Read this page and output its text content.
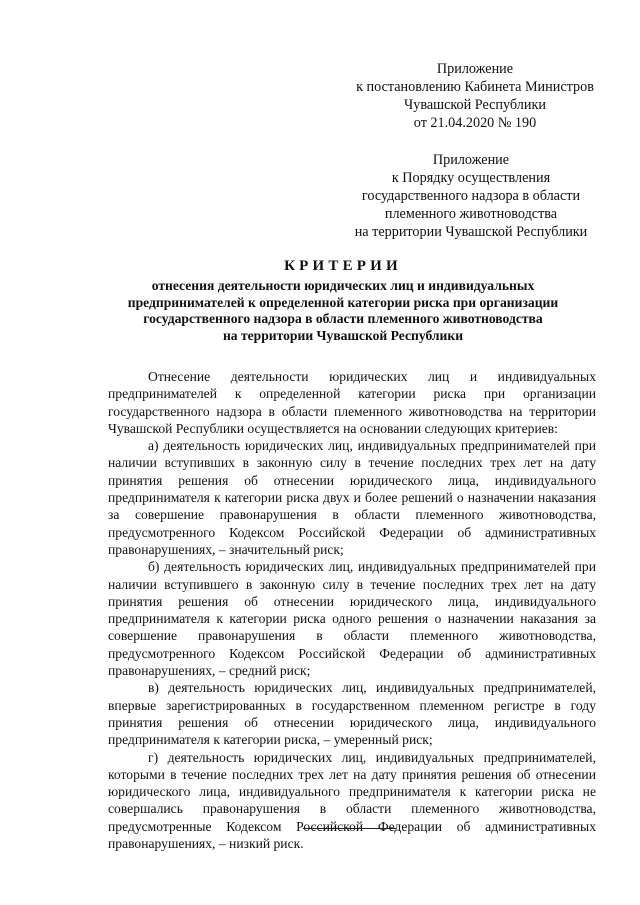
Приложение
к постановлению Кабинета Министров
Чувашской Республики
от 21.04.2020 № 190
Приложение
к Порядку осуществления
государственного надзора в области
племенного животноводства
на территории Чувашской Республики
КРИТЕРИИ
отнесения деятельности юридических лиц и индивидуальных
предпринимателей к определенной категории риска при организации
государственного надзора в области племенного животноводства
на территории Чувашской Республики

Отнесение деятельности юридических лиц и индивидуальных предпринимателей к определенной категории риска при организации государственного надзора в области племенного животноводства на территории Чувашской Республики осуществляется на основании следующих критериев:

а) деятельность юридических лиц, индивидуальных предпринимателей при наличии вступивших в законную силу в течение последних трех лет на дату принятия решения об отнесении юридического лица, индивидуального предпринимателя к категории риска двух и более решений о назначении наказания за совершение правонарушения в области племенного животноводства, предусмотренного Кодексом Российской Федерации об административных правонарушениях, – значительный риск;

б) деятельность юридических лиц, индивидуальных предпринимателей при наличии вступившего в законную силу в течение последних трех лет на дату принятия решения об отнесении юридического лица, индивидуального предпринимателя к категории риска одного решения о назначении наказания за совершение правонарушения в области племенного животноводства, предусмотренного Кодексом Российской Федерации об административных правонарушениях, – средний риск;

в) деятельность юридических лиц, индивидуальных предпринимателей, впервые зарегистрированных в государственном племенном регистре в году принятия решения об отнесении юридического лица, индивидуального предпринимателя к категории риска, – умеренный риск;

г) деятельность юридических лиц, индивидуальных предпринимателей, которыми в течение последних трех лет на дату принятия решения об отнесении юридического лица, индивидуального предпринимателя к категории риска не совершались правонарушения в области племенного животноводства, предусмотренные Кодексом Российской Федерации об административных правонарушениях, – низкий риск.
